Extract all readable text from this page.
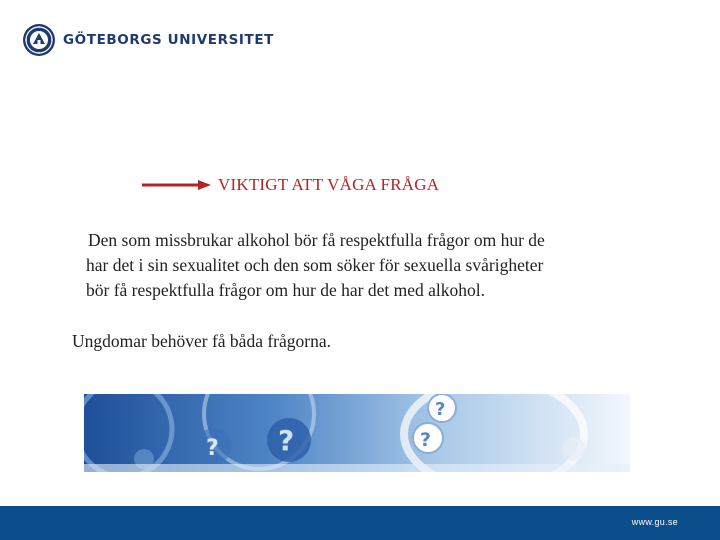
GÖTEBORGS UNIVERSITET
VIKTIGT ATT VÅGA FRÅGA
Den som missbrukar alkohol bör få respektfulla frågor om hur de
har det i sin sexualitet och den som söker för sexuella svårigheter
bör få respektfulla frågor om hur de har det med alkohol.
Ungdomar behöver få båda frågorna.
?
?
?
?
www.gu.se
